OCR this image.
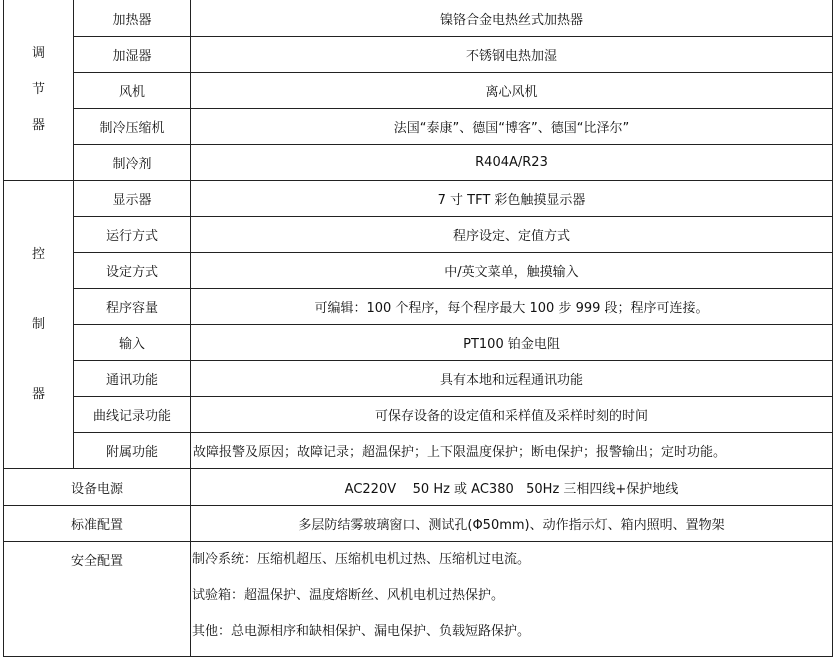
调
节
器	加热器	镍铬合金电热丝式加热器
	加湿器	不锈钢电热加湿
	风机	离心风机
	制冷压缩机	法国“泰康”、德国“博客”、德国“比泽尔”
	制冷剂	R404A/R23

控
制
器	显示器	7 寸 TFT 彩色触摸显示器
	运行方式	程序设定、定值方式
	设定方式	中/英文菜单，触摸输入
	程序容量	可编辑：100 个程序，每个程序最大 100 步 999 段；程序可连接。
	输入	PT100 铂金电阻
	通讯功能	具有本地和远程通讯功能
	曲线记录功能	可保存设备的设定值和采样值及采样时刻的时间
	附属功能	故障报警及原因；故障记录；超温保护；上下限温度保护；断电保护；报警输出；定时功能。
设备电源		AC220V    50 Hz 或 AC380   50Hz 三相四线+保护地线
标准配置		多层防结雾玻璃窗口、测试孔(Φ50mm)、动作指示灯、箱内照明、置物架
安全配置		制冷系统：压缩机超压、压缩机电机过热、压缩机过电流。
试验箱：超温保护、温度熔断丝、风机电机过热保护。
其他：总电源相序和缺相保护、漏电保护、负载短路保护。
